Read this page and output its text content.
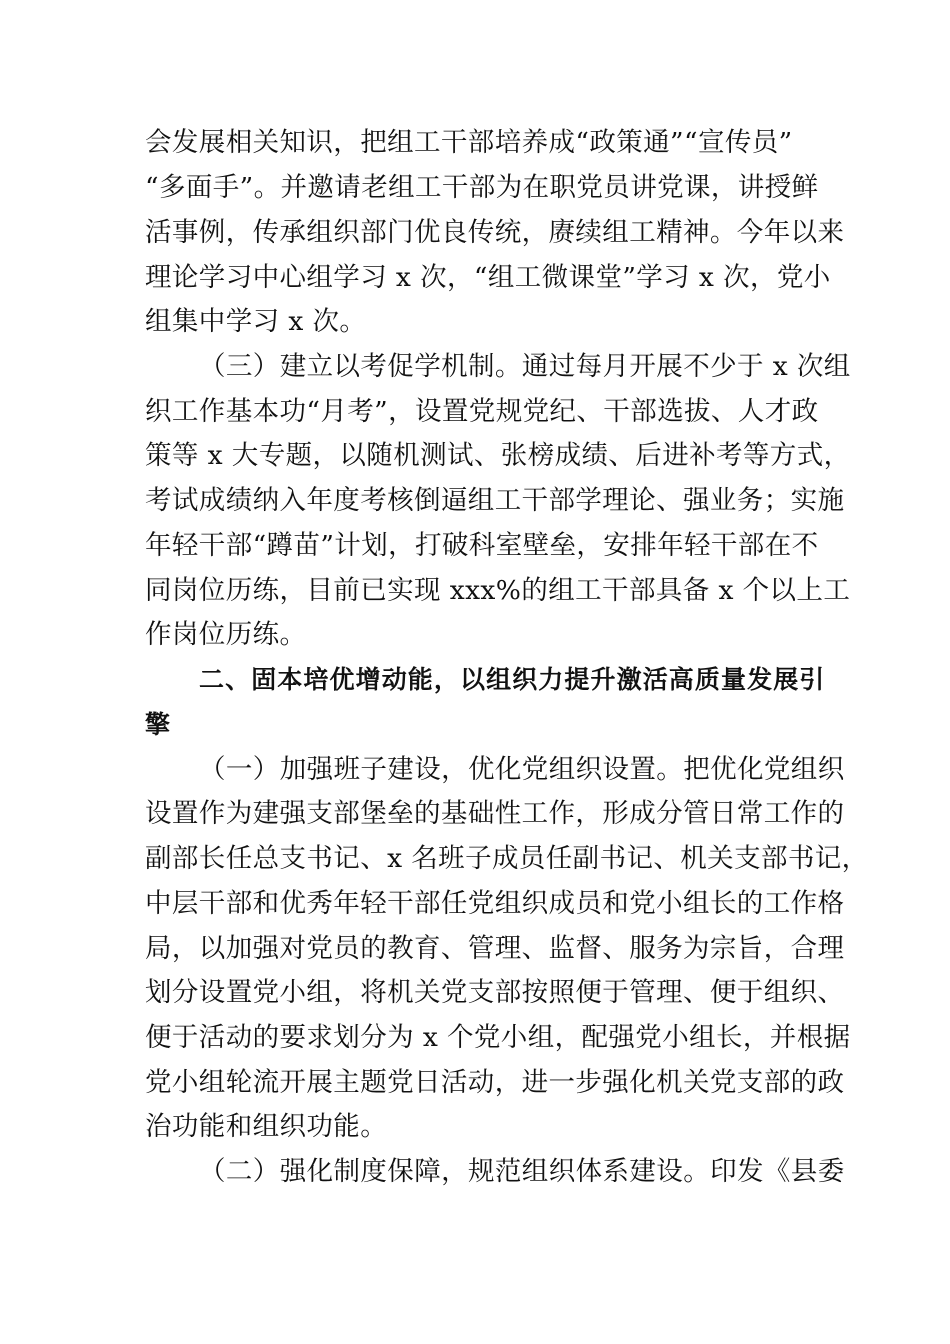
会发展相关知识，把组工干部培养成“政策通”“宣传员”
“多面手”。并邀请老组工干部为在职党员讲党课，讲授鲜
活事例，传承组织部门优良传统，赓续组工精神。今年以来
理论学习中心组学习 x 次，“组工微课堂”学习 x 次，党小
组集中学习 x 次。
（三）建立以考促学机制。通过每月开展不少于 x 次组
织工作基本功“月考”，设置党规党纪、干部选拔、人才政
策等 x 大专题，以随机测试、张榜成绩、后进补考等方式，
考试成绩纳入年度考核倒逼组工干部学理论、强业务；实施
年轻干部“蹲苗”计划，打破科室壁垒，安排年轻干部在不
同岗位历练，目前已实现 xxx%的组工干部具备 x 个以上工
作岗位历练。
二、固本培优增动能，以组织力提升激活高质量发展引
擎
（一）加强班子建设，优化党组织设置。把优化党组织
设置作为建强支部堡垒的基础性工作，形成分管日常工作的
副部长任总支书记、x 名班子成员任副书记、机关支部书记，
中层干部和优秀年轻干部任党组织成员和党小组长的工作格
局，以加强对党员的教育、管理、监督、服务为宗旨，合理
划分设置党小组，将机关党支部按照便于管理、便于组织、
便于活动的要求划分为 x 个党小组，配强党小组长，并根据
党小组轮流开展主题党日活动，进一步强化机关党支部的政
治功能和组织功能。
（二）强化制度保障，规范组织体系建设。印发《县委
